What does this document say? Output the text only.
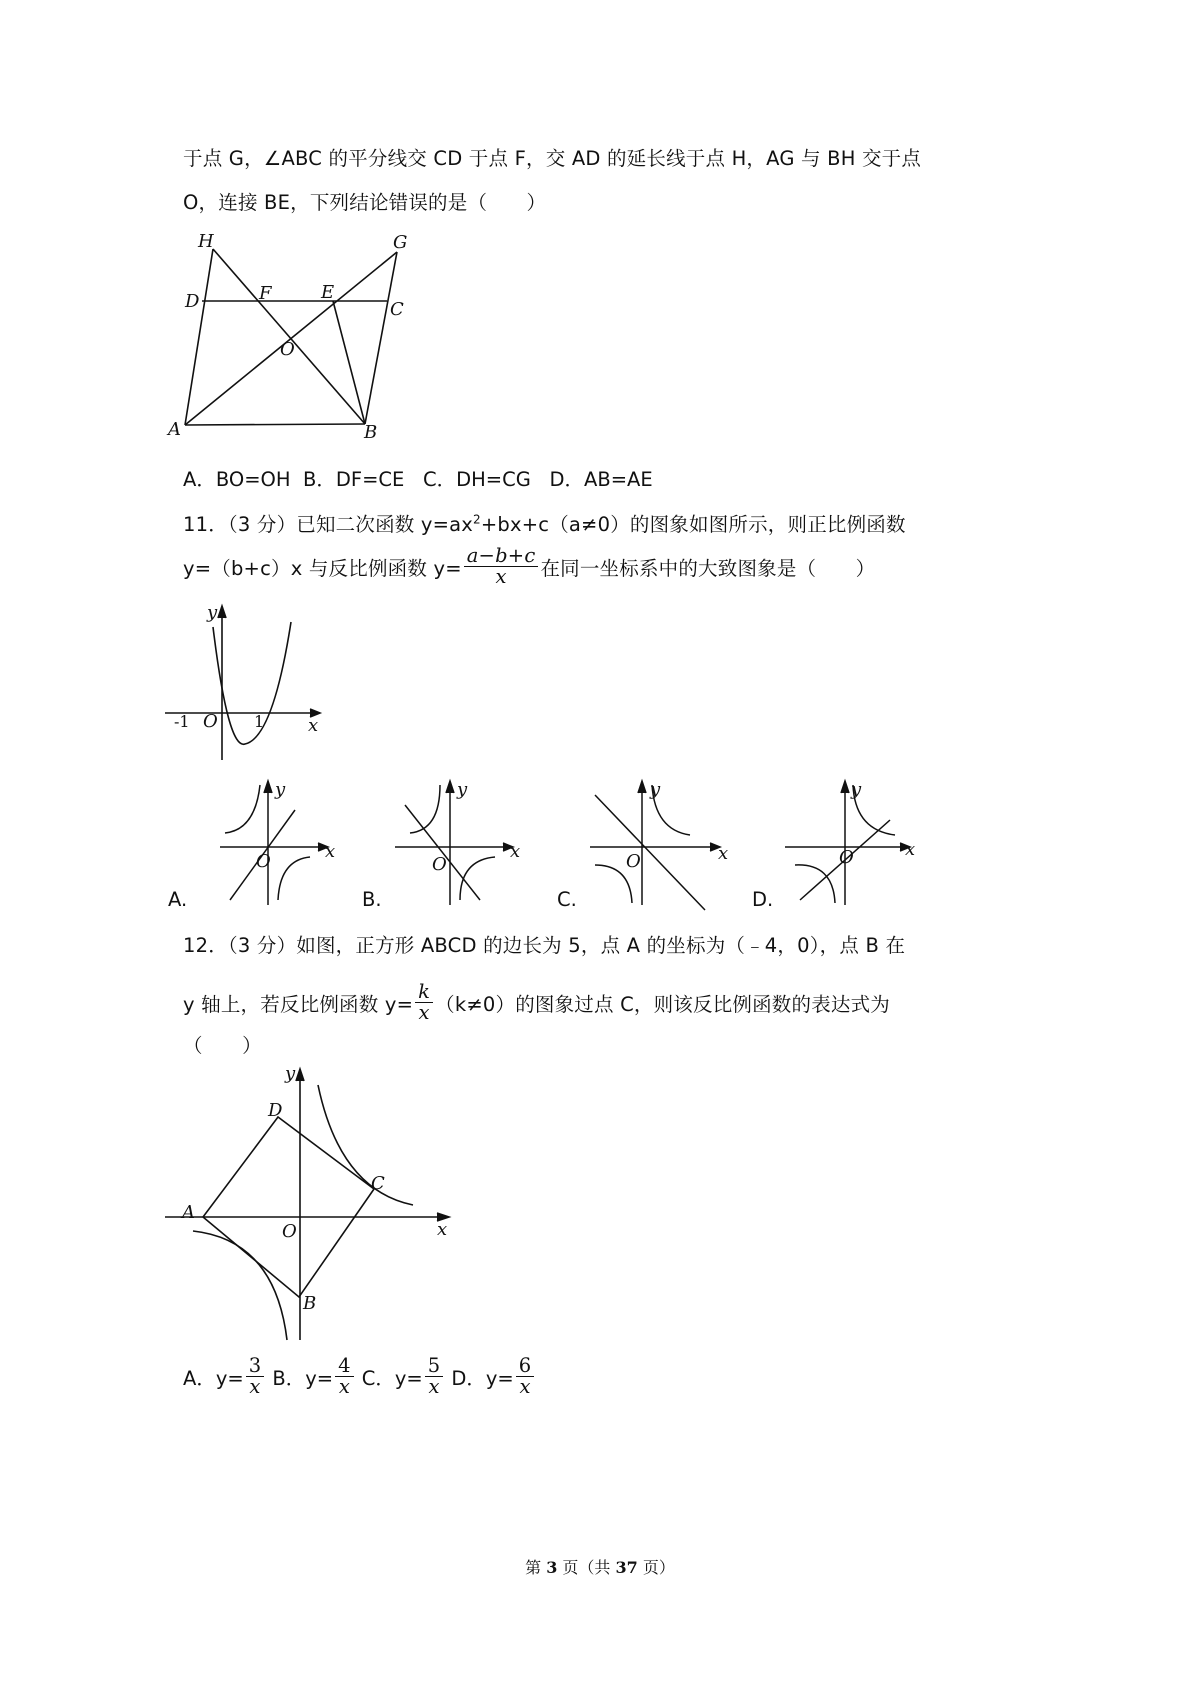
于点 G，∠ABC 的平分线交 CD 于点 F，交 AD 的延长线于点 H，AG 与 BH 交于点
O，连接 BE，下列结论错误的是（　　）
H	G
D	F	E
C
O
A	B
A．BO=OH B．DF=CE C．DH=CG D．AB=AE
11．（3 分）已知二次函数 $y=ax^2+bx+c(a\ne 0)$的图象如图所示，则正比例函数
y=（b+c）x 与反比例函数 $y= \frac{a-b+c}{x}$ 在同一坐标系中的大致图象是（　　）
y
x
O
-1	1
y
x
O
A.
y
x
O
B.
y
x
O
C.
y
x
O
D.
12．（3 分）如图，正方形 ABCD 的边长为 5，点 A 的坐标为（﹣4，0），点 B 在
y 轴上，若反比例函数 $y= \frac{k}{x} (k\ne 0)$的图象过点 C，则该反比例函数的表达式为
（　　）
y
x
O
A
B
C
D
A．$y= \frac{3}{x}$ B．$y= \frac{4}{x}$ C．$y= \frac{5}{x}$ D．$y= \frac{6}{x}$
第 3 页（共 37 页）
